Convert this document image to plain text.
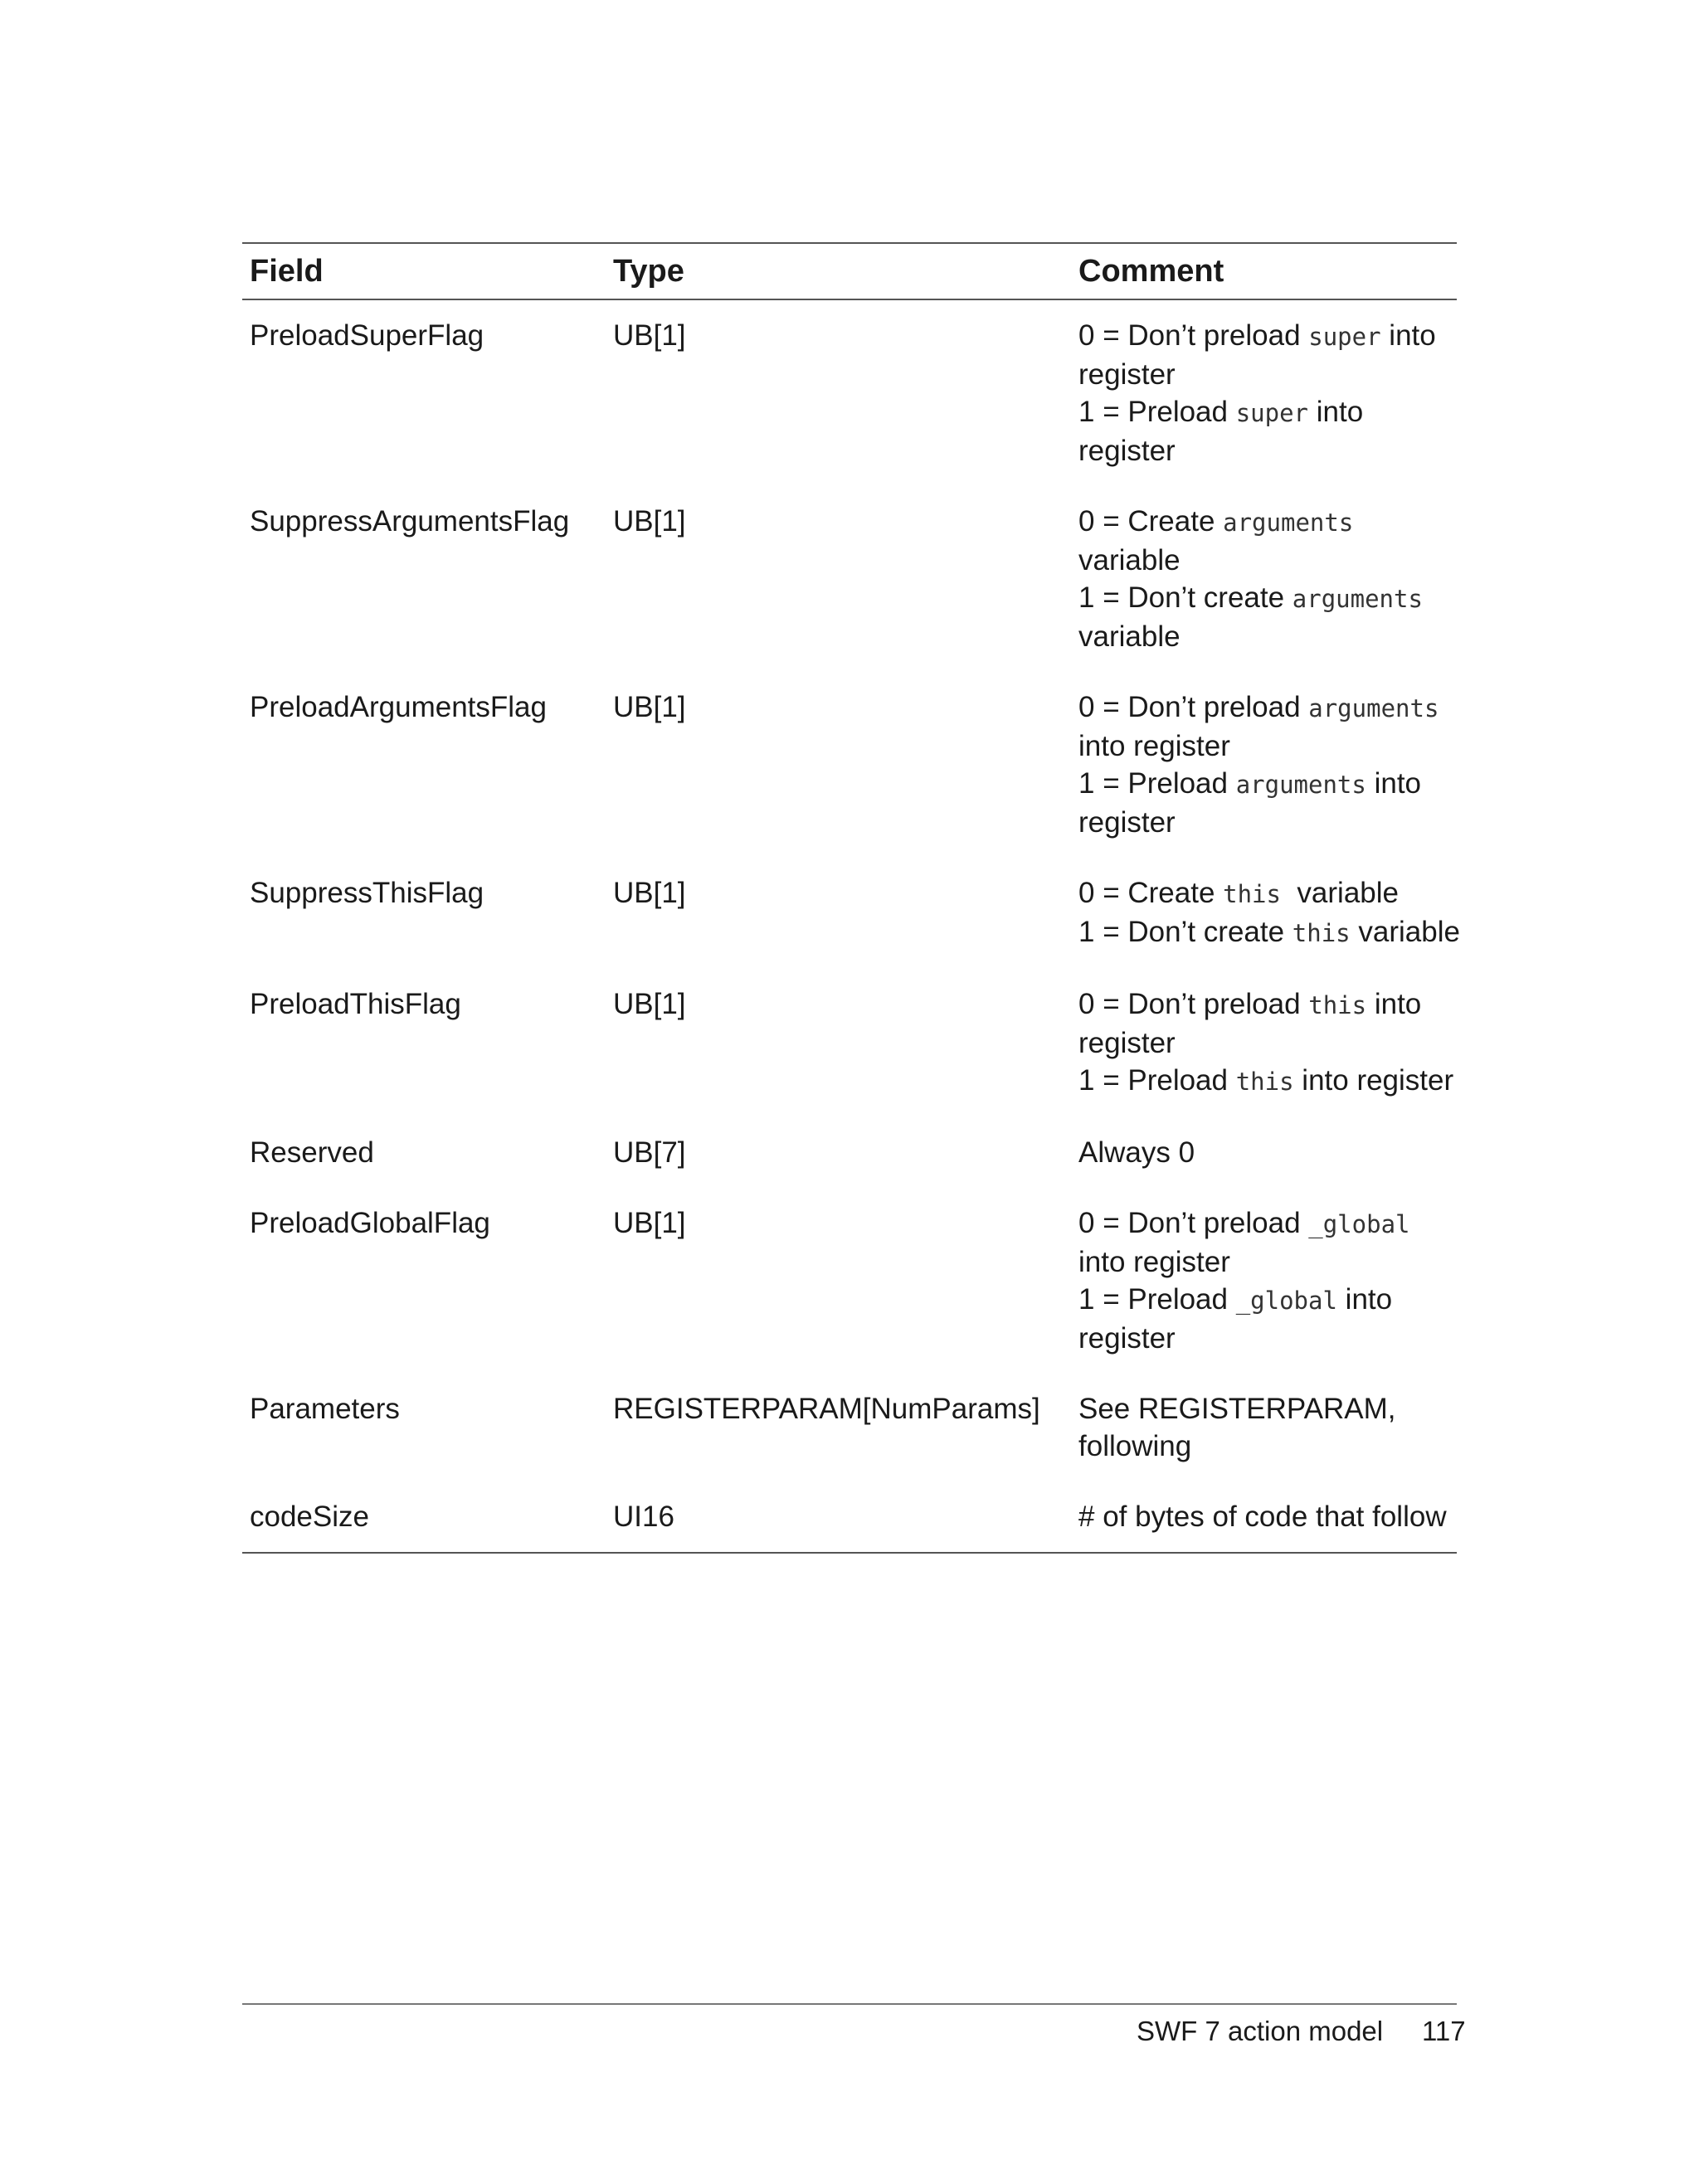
Field	Type	Comment
PreloadSuperFlag	UB[1]	0 = Don’t preload super into
register
1 = Preload super into
register
SuppressArgumentsFlag	UB[1]	0 = Create arguments
variable
1 = Don’t create arguments
variable
PreloadArgumentsFlag	UB[1]	0 = Don’t preload arguments
into register
1 = Preload arguments into
register
SuppressThisFlag	UB[1]	0 = Create this  variable
1 = Don’t create this variable
PreloadThisFlag	UB[1]	0 = Don’t preload this into
register
1 = Preload this into register
Reserved	UB[7]	Always 0
PreloadGlobalFlag	UB[1]	0 = Don’t preload _global
into register
1 = Preload _global into
register
Parameters	REGISTERPARAM[NumParams]	See REGISTERPARAM,
following
codeSize	UI16	# of bytes of code that follow
SWF 7 action model 117
